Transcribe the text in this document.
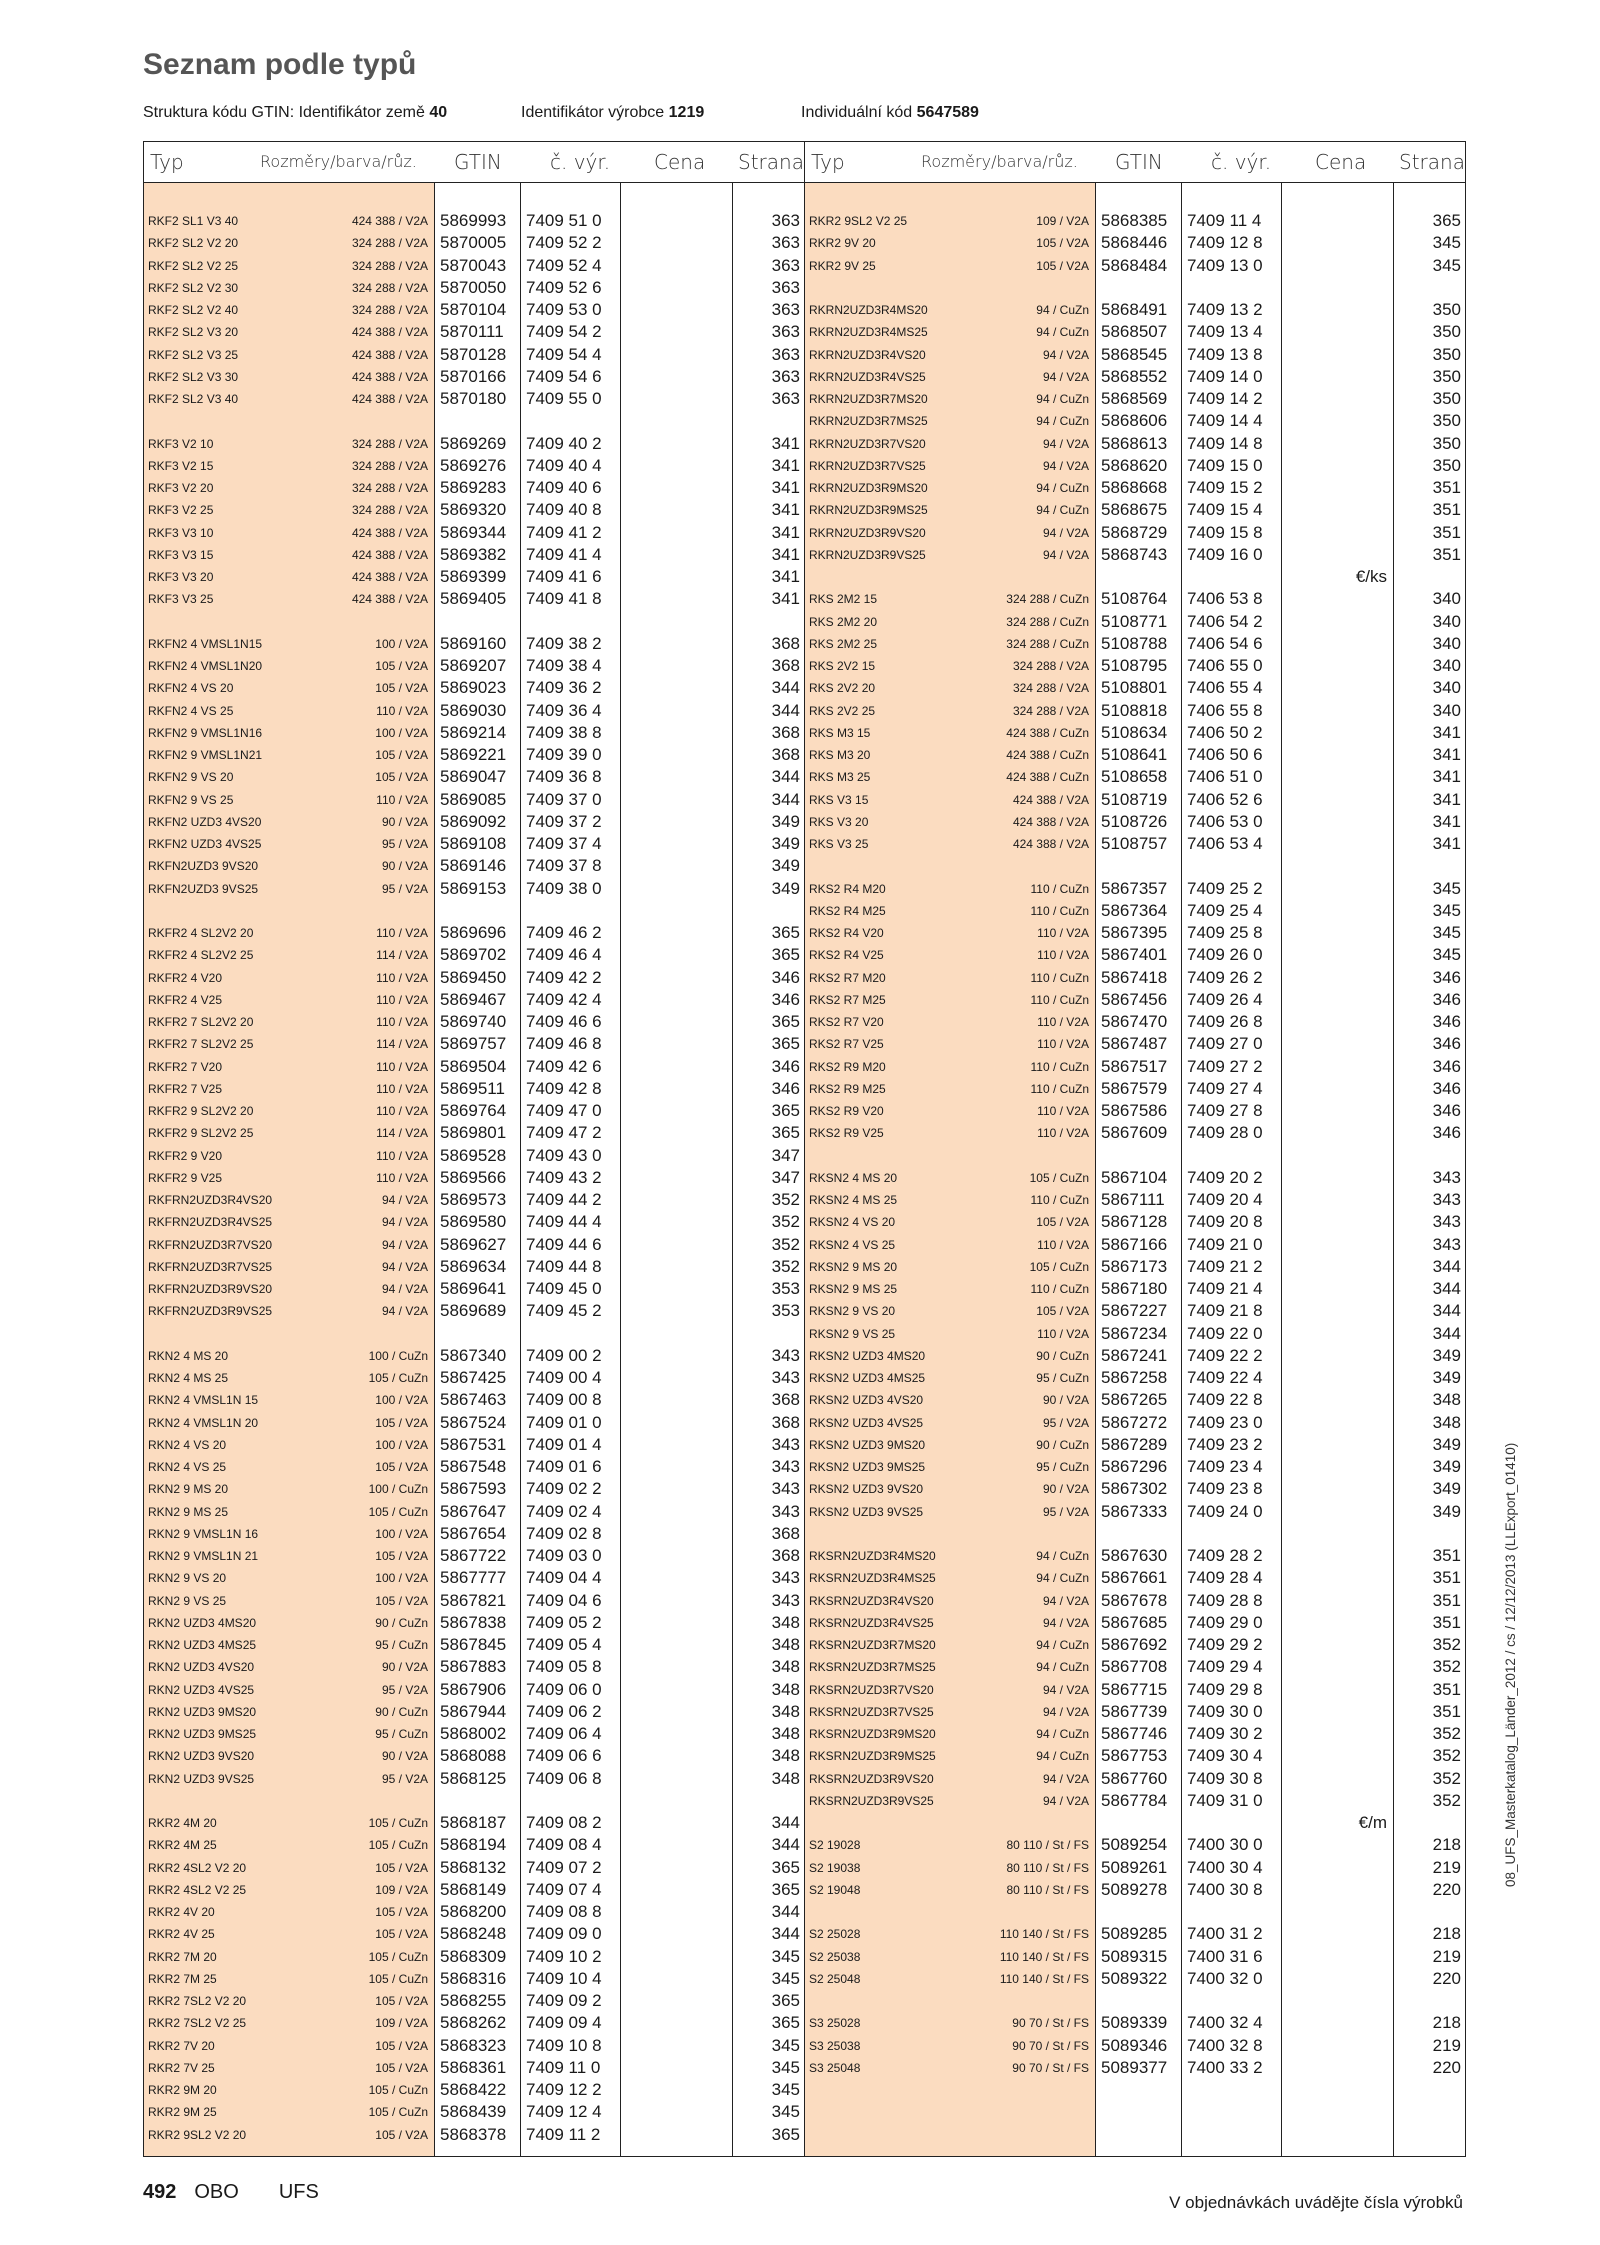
Seznam podle typů
Struktura kódu GTIN: Identifikátor země 40	Identifikátor výrobce 1219	Individuální kód 5647589
Typ	Rozměry/barva/růz. GTIN č. výr. Cena Strana
RKF2 SL1 V3 40	424 388 / V2A 5869993 7409 51 0	363
RKF2 SL2 V2 20	324 288 / V2A 5870005 7409 52 2	363
RKF2 SL2 V2 25	324 288 / V2A 5870043 7409 52 4	363
RKF2 SL2 V2 30	324 288 / V2A 5870050 7409 52 6	363
RKF2 SL2 V2 40	324 288 / V2A 5870104 7409 53 0	363
RKF2 SL2 V3 20	424 388 / V2A 5870111 7409 54 2	363
RKF2 SL2 V3 25	424 388 / V2A 5870128 7409 54 4	363
RKF2 SL2 V3 30	424 388 / V2A 5870166 7409 54 6	363
RKF2 SL2 V3 40	424 388 / V2A 5870180 7409 55 0	363
RKF3 V2 10	324 288 / V2A 5869269 7409 40 2	341
RKF3 V2 15	324 288 / V2A 5869276 7409 40 4	341
RKF3 V2 20	324 288 / V2A 5869283 7409 40 6	341
RKF3 V2 25	324 288 / V2A 5869320 7409 40 8	341
RKF3 V3 10	424 388 / V2A 5869344 7409 41 2	341
RKF3 V3 15	424 388 / V2A 5869382 7409 41 4	341
RKF3 V3 20	424 388 / V2A 5869399 7409 41 6	341
RKF3 V3 25	424 388 / V2A 5869405 7409 41 8	341
RKFN2 4 VMSL1N15	100 / V2A 5869160 7409 38 2	368
RKFN2 4 VMSL1N20	105 / V2A 5869207 7409 38 4	368
RKFN2 4 VS 20	105 / V2A 5869023 7409 36 2	344
RKFN2 4 VS 25	110 / V2A 5869030 7409 36 4	344
RKFN2 9 VMSL1N16	100 / V2A 5869214 7409 38 8	368
RKFN2 9 VMSL1N21	105 / V2A 5869221 7409 39 0	368
RKFN2 9 VS 20	105 / V2A 5869047 7409 36 8	344
RKFN2 9 VS 25	110 / V2A 5869085 7409 37 0	344
RKFN2 UZD3 4VS20	90 / V2A 5869092 7409 37 2	349
RKFN2 UZD3 4VS25	95 / V2A 5869108 7409 37 4	349
RKFN2UZD3 9VS20	90 / V2A 5869146 7409 37 8	349
RKFN2UZD3 9VS25	95 / V2A 5869153 7409 38 0	349
RKFR2 4 SL2V2 20	110 / V2A 5869696 7409 46 2	365
RKFR2 4 SL2V2 25	114 / V2A 5869702 7409 46 4	365
RKFR2 4 V20	110 / V2A 5869450 7409 42 2	346
RKFR2 4 V25	110 / V2A 5869467 7409 42 4	346
RKFR2 7 SL2V2 20	110 / V2A 5869740 7409 46 6	365
RKFR2 7 SL2V2 25	114 / V2A 5869757 7409 46 8	365
RKFR2 7 V20	110 / V2A 5869504 7409 42 6	346
RKFR2 7 V25	110 / V2A 5869511 7409 42 8	346
RKFR2 9 SL2V2 20	110 / V2A 5869764 7409 47 0	365
RKFR2 9 SL2V2 25	114 / V2A 5869801 7409 47 2	365
RKFR2 9 V20	110 / V2A 5869528 7409 43 0	347
RKFR2 9 V25	110 / V2A 5869566 7409 43 2	347
RKFRN2UZD3R4VS20	94 / V2A 5869573 7409 44 2	352
RKFRN2UZD3R4VS25	94 / V2A 5869580 7409 44 4	352
RKFRN2UZD3R7VS20	94 / V2A 5869627 7409 44 6	352
RKFRN2UZD3R7VS25	94 / V2A 5869634 7409 44 8	352
RKFRN2UZD3R9VS20	94 / V2A 5869641 7409 45 0	353
RKFRN2UZD3R9VS25	94 / V2A 5869689 7409 45 2	353
RKN2 4 MS 20	100 / CuZn 5867340 7409 00 2	343
RKN2 4 MS 25	105 / CuZn 5867425 7409 00 4	343
RKN2 4 VMSL1N 15	100 / V2A 5867463 7409 00 8	368
RKN2 4 VMSL1N 20	105 / V2A 5867524 7409 01 0	368
RKN2 4 VS 20	100 / V2A 5867531 7409 01 4	343
RKN2 4 VS 25	105 / V2A 5867548 7409 01 6	343
RKN2 9 MS 20	100 / CuZn 5867593 7409 02 2	343
RKN2 9 MS 25	105 / CuZn 5867647 7409 02 4	343
RKN2 9 VMSL1N 16	100 / V2A 5867654 7409 02 8	368
RKN2 9 VMSL1N 21	105 / V2A 5867722 7409 03 0	368
RKN2 9 VS 20	100 / V2A 5867777 7409 04 4	343
RKN2 9 VS 25	105 / V2A 5867821 7409 04 6	343
RKN2 UZD3 4MS20	90 / CuZn 5867838 7409 05 2	348
RKN2 UZD3 4MS25	95 / CuZn 5867845 7409 05 4	348
RKN2 UZD3 4VS20	90 / V2A 5867883 7409 05 8	348
RKN2 UZD3 4VS25	95 / V2A 5867906 7409 06 0	348
RKN2 UZD3 9MS20	90 / CuZn 5867944 7409 06 2	348
RKN2 UZD3 9MS25	95 / CuZn 5868002 7409 06 4	348
RKN2 UZD3 9VS20	90 / V2A 5868088 7409 06 6	348
RKN2 UZD3 9VS25	95 / V2A 5868125 7409 06 8	348
RKR2 4M 20	105 / CuZn 5868187 7409 08 2	344
RKR2 4M 25	105 / CuZn 5868194 7409 08 4	344
RKR2 4SL2 V2 20	105 / V2A 5868132 7409 07 2	365
RKR2 4SL2 V2 25	109 / V2A 5868149 7409 07 4	365
RKR2 4V 20	105 / V2A 5868200 7409 08 8	344
RKR2 4V 25	105 / V2A 5868248 7409 09 0	344
RKR2 7M 20	105 / CuZn 5868309 7409 10 2	345
RKR2 7M 25	105 / CuZn 5868316 7409 10 4	345
RKR2 7SL2 V2 20	105 / V2A 5868255 7409 09 2	365
RKR2 7SL2 V2 25	109 / V2A 5868262 7409 09 4	365
RKR2 7V 20	105 / V2A 5868323 7409 10 8	345
RKR2 7V 25	105 / V2A 5868361 7409 11 0	345
RKR2 9M 20	105 / CuZn 5868422 7409 12 2	345
RKR2 9M 25	105 / CuZn 5868439 7409 12 4	345
RKR2 9SL2 V2 20	105 / V2A 5868378 7409 11 2	365
Typ	Rozměry/barva/růz. GTIN č. výr. Cena Strana
RKR2 9SL2 V2 25	109 / V2A 5868385 7409 11 4	365
RKR2 9V 20	105 / V2A 5868446 7409 12 8	345
RKR2 9V 25	105 / V2A 5868484 7409 13 0	345
RKRN2UZD3R4MS20	94 / CuZn 5868491 7409 13 2	350
RKRN2UZD3R4MS25	94 / CuZn 5868507 7409 13 4	350
RKRN2UZD3R4VS20	94 / V2A 5868545 7409 13 8	350
RKRN2UZD3R4VS25	94 / V2A 5868552 7409 14 0	350
RKRN2UZD3R7MS20	94 / CuZn 5868569 7409 14 2	350
RKRN2UZD3R7MS25	94 / CuZn 5868606 7409 14 4	350
RKRN2UZD3R7VS20	94 / V2A 5868613 7409 14 8	350
RKRN2UZD3R7VS25	94 / V2A 5868620 7409 15 0	350
RKRN2UZD3R9MS20	94 / CuZn 5868668 7409 15 2	351
RKRN2UZD3R9MS25	94 / CuZn 5868675 7409 15 4	351
RKRN2UZD3R9VS20	94 / V2A 5868729 7409 15 8	351
RKRN2UZD3R9VS25	94 / V2A 5868743 7409 16 0	351
€/ks
RKS 2M2 15	324 288 / CuZn 5108764 7406 53 8	340
RKS 2M2 20	324 288 / CuZn 5108771 7406 54 2	340
RKS 2M2 25	324 288 / CuZn 5108788 7406 54 6	340
RKS 2V2 15	324 288 / V2A 5108795 7406 55 0	340
RKS 2V2 20	324 288 / V2A 5108801 7406 55 4	340
RKS 2V2 25	324 288 / V2A 5108818 7406 55 8	340
RKS M3 15	424 388 / CuZn 5108634 7406 50 2	341
RKS M3 20	424 388 / CuZn 5108641 7406 50 6	341
RKS M3 25	424 388 / CuZn 5108658 7406 51 0	341
RKS V3 15	424 388 / V2A 5108719 7406 52 6	341
RKS V3 20	424 388 / V2A 5108726 7406 53 0	341
RKS V3 25	424 388 / V2A 5108757 7406 53 4	341
RKS2 R4 M20	110 / CuZn 5867357 7409 25 2	345
RKS2 R4 M25	110 / CuZn 5867364 7409 25 4	345
RKS2 R4 V20	110 / V2A 5867395 7409 25 8	345
RKS2 R4 V25	110 / V2A 5867401 7409 26 0	345
RKS2 R7 M20	110 / CuZn 5867418 7409 26 2	346
RKS2 R7 M25	110 / CuZn 5867456 7409 26 4	346
RKS2 R7 V20	110 / V2A 5867470 7409 26 8	346
RKS2 R7 V25	110 / V2A 5867487 7409 27 0	346
RKS2 R9 M20	110 / CuZn 5867517 7409 27 2	346
RKS2 R9 M25	110 / CuZn 5867579 7409 27 4	346
RKS2 R9 V20	110 / V2A 5867586 7409 27 8	346
RKS2 R9 V25	110 / V2A 5867609 7409 28 0	346
RKSN2 4 MS 20	105 / CuZn 5867104 7409 20 2	343
RKSN2 4 MS 25	110 / CuZn 5867111 7409 20 4	343
RKSN2 4 VS 20	105 / V2A 5867128 7409 20 8	343
RKSN2 4 VS 25	110 / V2A 5867166 7409 21 0	343
RKSN2 9 MS 20	105 / CuZn 5867173 7409 21 2	344
RKSN2 9 MS 25	110 / CuZn 5867180 7409 21 4	344
RKSN2 9 VS 20	105 / V2A 5867227 7409 21 8	344
RKSN2 9 VS 25	110 / V2A 5867234 7409 22 0	344
RKSN2 UZD3 4MS20	90 / CuZn 5867241 7409 22 2	349
RKSN2 UZD3 4MS25	95 / CuZn 5867258 7409 22 4	349
RKSN2 UZD3 4VS20	90 / V2A 5867265 7409 22 8	348
RKSN2 UZD3 4VS25	95 / V2A 5867272 7409 23 0	348
RKSN2 UZD3 9MS20	90 / CuZn 5867289 7409 23 2	349
RKSN2 UZD3 9MS25	95 / CuZn 5867296 7409 23 4	349
RKSN2 UZD3 9VS20	90 / V2A 5867302 7409 23 8	349
RKSN2 UZD3 9VS25	95 / V2A 5867333 7409 24 0	349
RKSRN2UZD3R4MS20	94 / CuZn 5867630 7409 28 2	351
RKSRN2UZD3R4MS25	94 / CuZn 5867661 7409 28 4	351
RKSRN2UZD3R4VS20	94 / V2A 5867678 7409 28 8	351
RKSRN2UZD3R4VS25	94 / V2A 5867685 7409 29 0	351
RKSRN2UZD3R7MS20	94 / CuZn 5867692 7409 29 2	352
RKSRN2UZD3R7MS25	94 / CuZn 5867708 7409 29 4	352
RKSRN2UZD3R7VS20	94 / V2A 5867715 7409 29 8	351
RKSRN2UZD3R7VS25	94 / V2A 5867739 7409 30 0	351
RKSRN2UZD3R9MS20	94 / CuZn 5867746 7409 30 2	352
RKSRN2UZD3R9MS25	94 / CuZn 5867753 7409 30 4	352
RKSRN2UZD3R9VS20	94 / V2A 5867760 7409 30 8	352
RKSRN2UZD3R9VS25	94 / V2A 5867784 7409 31 0	352
€/m
S2 19028	80 110 / St / FS 5089254 7400 30 0	218
S2 19038	80 110 / St / FS 5089261 7400 30 4	219
S2 19048	80 110 / St / FS 5089278 7400 30 8	220
S2 25028	110 140 / St / FS 5089285 7400 31 2	218
S2 25038	110 140 / St / FS 5089315 7400 31 6	219
S2 25048	110 140 / St / FS 5089322 7400 32 0	220
S3 25028	90 70 / St / FS 5089339 7400 32 4	218
S3 25038	90 70 / St / FS 5089346 7400 32 8	219
S3 25048	90 70 / St / FS 5089377 7400 33 2	220
492 OBO UFS	V objednávkách uvádějte čísla výrobků
08_UFS_Masterkatalog_Länder_2012 / cs / 12/12/2013 (LLExport_01410)
